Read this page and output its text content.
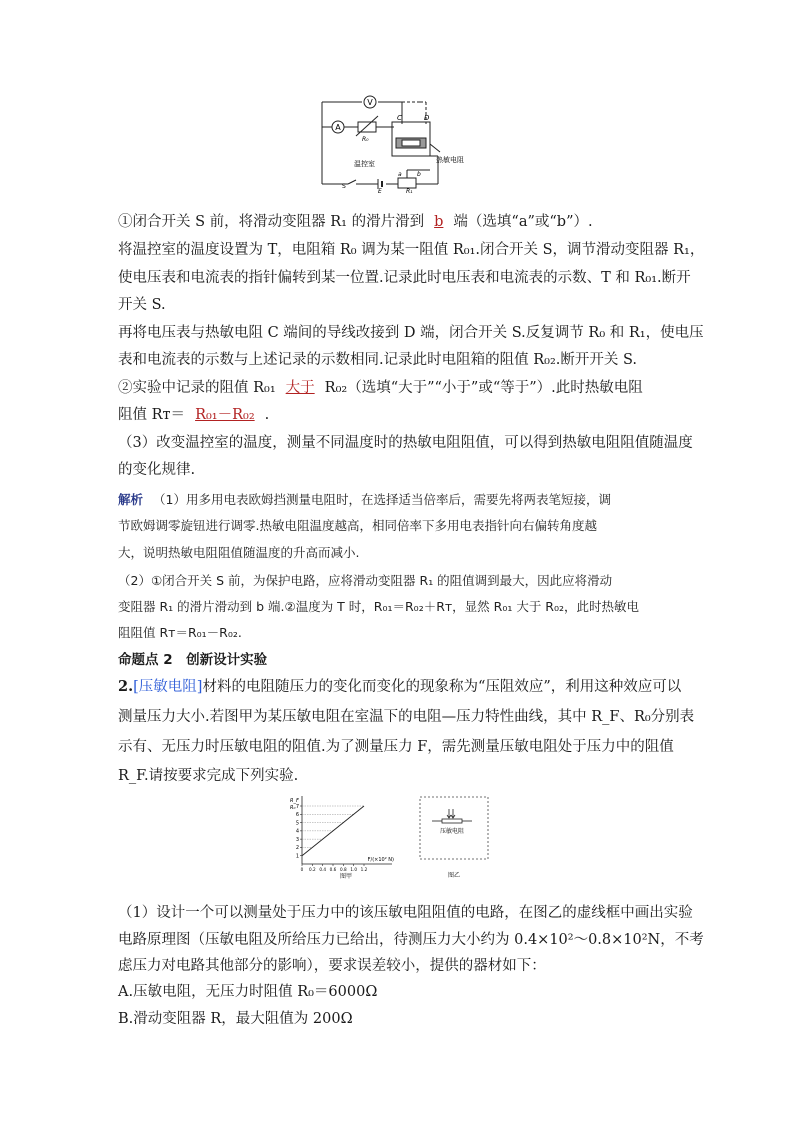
V
A
C	D
R₀
R₁
a	b
E
S
温控室	热敏电阻
①闭合开关 S 前，将滑动变阻器 R₁ 的滑片滑到 b 端（选填“a”或“b”）.
将温控室的温度设置为 T，电阻箱 R₀ 调为某一阻值 R₀₁.闭合开关 S，调节滑动变阻器 R₁，
使电压表和电流表的指针偏转到某一位置.记录此时电压表和电流表的示数、T 和 R₀₁.断开
开关 S.
再将电压表与热敏电阻 C 端间的导线改接到 D 端，闭合开关 S.反复调节 R₀ 和 R₁，使电压
表和电流表的示数与上述记录的示数相同.记录此时电阻箱的阻值 R₀₂.断开开关 S.
②实验中记录的阻值 R₀₁ 大于 R₀₂（选填“大于”“小于”或“等于”）.此时热敏电阻
阻值 Rᴛ＝ R₀₁－R₀₂ .
（3）改变温控室的温度，测量不同温度时的热敏电阻阻值，可以得到热敏电阻阻值随温度
的变化规律.
解析 （1）用多用电表欧姆挡测量电阻时，在选择适当倍率后，需要先将两表笔短接，调
节欧姆调零旋钮进行调零.热敏电阻温度越高，相同倍率下多用电表指针向右偏转角度越
大，说明热敏电阻阻值随温度的升高而减小.
（2）①闭合开关 S 前，为保护电路，应将滑动变阻器 R₁ 的阻值调到最大，因此应将滑动
变阻器 R₁ 的滑片滑动到 b 端.②温度为 T 时，R₀₁＝R₀₂＋Rᴛ，显然 R₀₁ 大于 R₀₂，此时热敏电
阻阻值 Rᴛ＝R₀₁－R₀₂.
命题点 2　创新设计实验
2.[压敏电阻]材料的电阻随压力的变化而变化的现象称为“压阻效应”，利用这种效应可以
测量压力大小.若图甲为某压敏电阻在室温下的电阻—压力特性曲线，其中 R_F、R₀分别表
示有、无压力时压敏电阻的阻值.为了测量压力 F，需先测量压敏电阻处于压力中的阻值
R_F.请按要求完成下列实验.
1
2
3
4
5
6
7
0 0.2 0.4 0.6 0.8 1.0 1.2
R_F
R₀
F/(×10² N)
图甲
压敏电阻
图乙
（1）设计一个可以测量处于压力中的该压敏电阻阻值的电路，在图乙的虚线框中画出实验
电路原理图（压敏电阻及所给压力已给出，待测压力大小约为 0.4×10²～0.8×10²N，不考
虑压力对电路其他部分的影响），要求误差较小，提供的器材如下：
A.压敏电阻，无压力时阻值 R₀＝6000Ω
B.滑动变阻器 R，最大阻值为 200Ω
